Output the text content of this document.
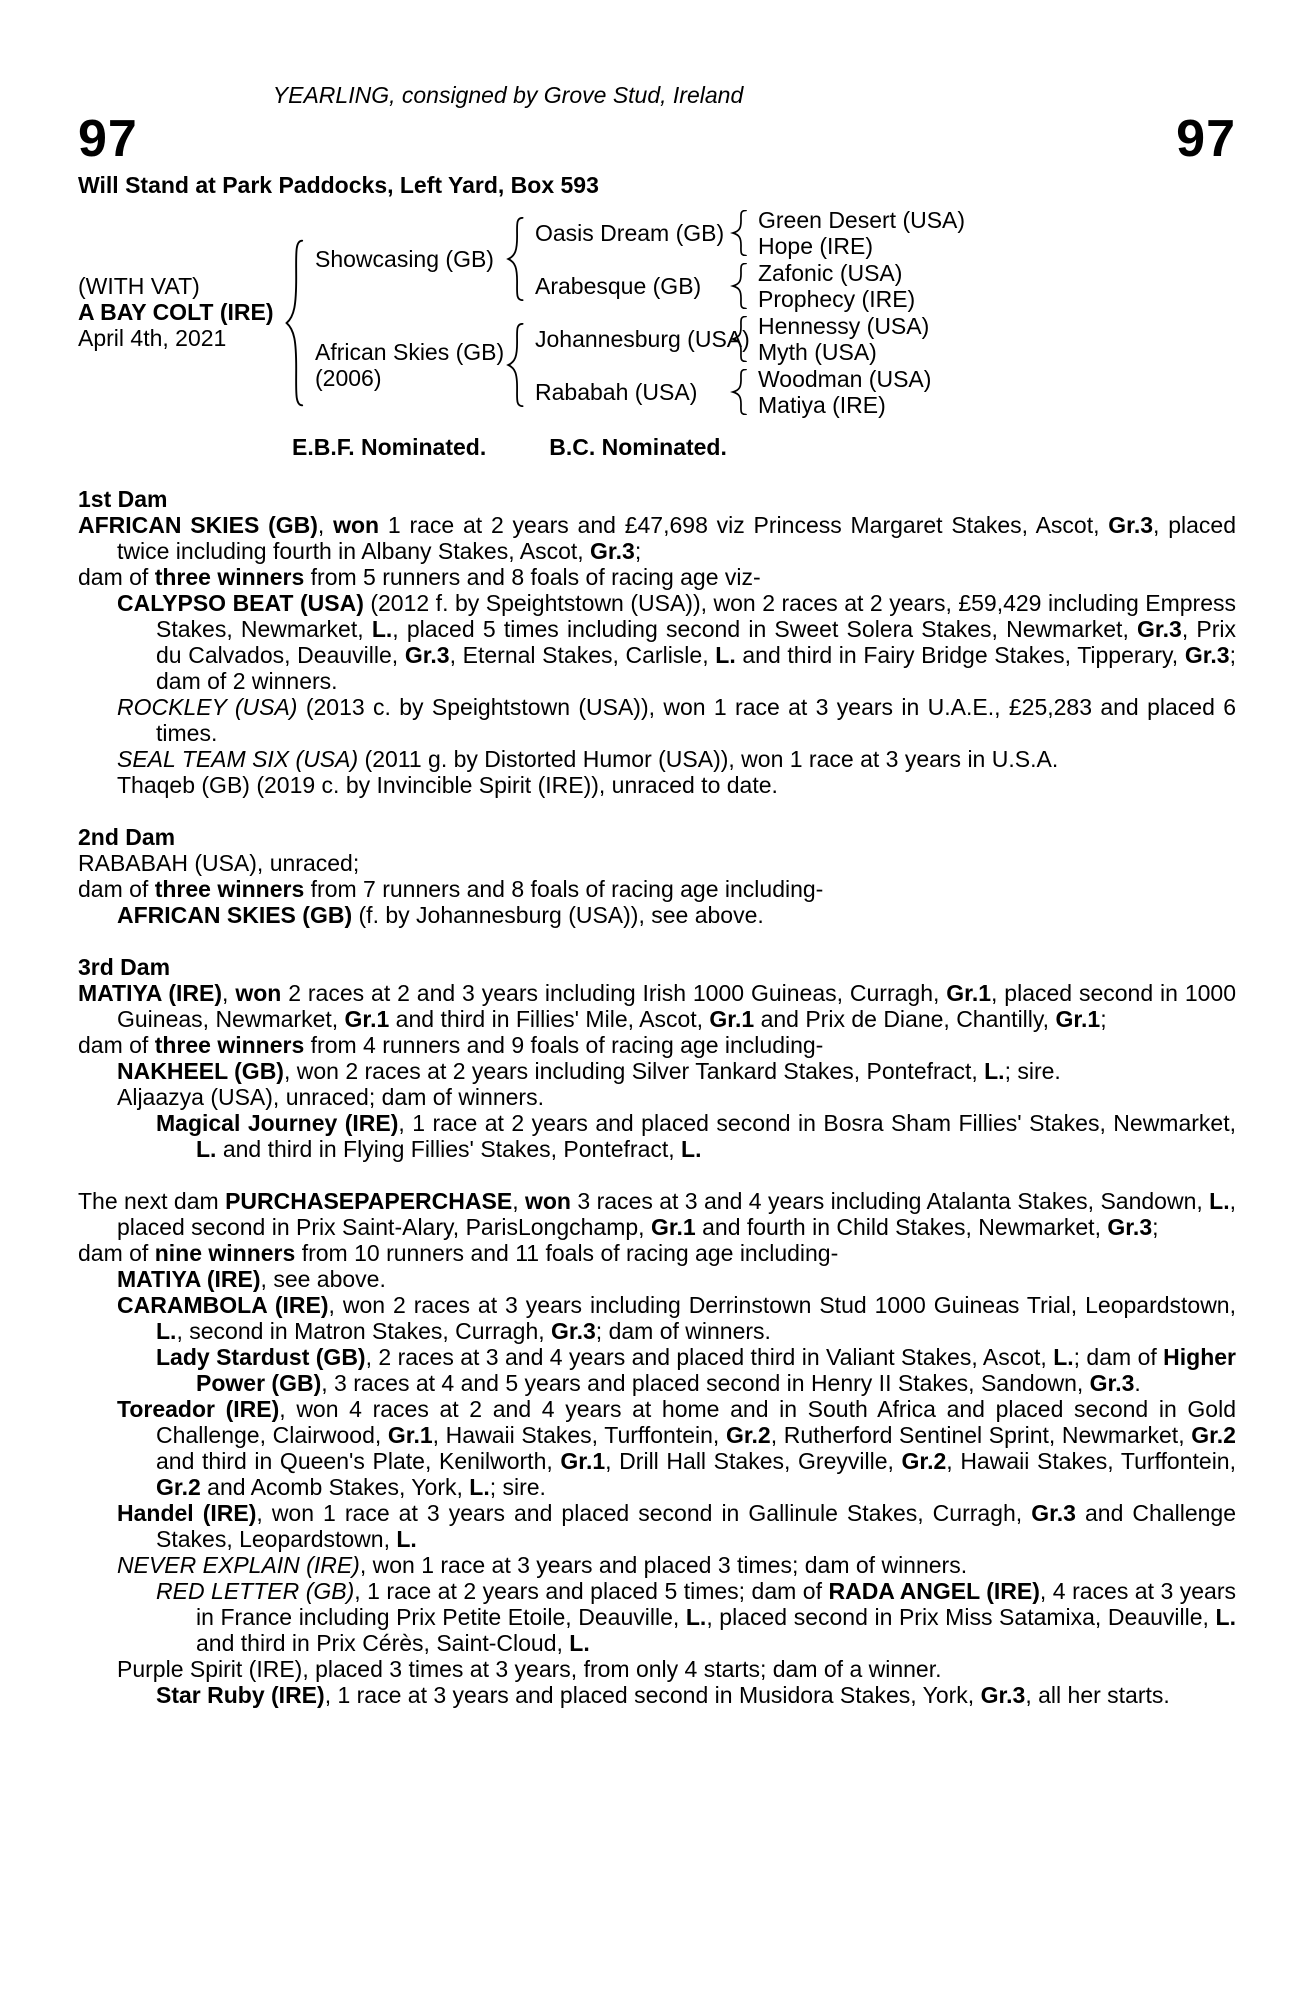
YEARLING, consigned by Grove Stud, Ireland
97	97
Will Stand at Park Paddocks, Left Yard, Box 593
(WITH VAT)
A BAY COLT (IRE)
April 4th, 2021
Showcasing (GB)
Oasis Dream (GB) Green Desert (USA)
Hope (IRE)
Arabesque (GB)	Zafonic (USA)
Prophecy (IRE)
African Skies (GB)
(2006)
Johannesburg (USA) Hennessy (USA)
Myth (USA)
Rababah (USA)	Woodman (USA)
Matiya (IRE)
E.B.F. Nominated.	B.C. Nominated.
1st Dam

AFRICAN SKIES (GB), won 1 race at 2 years and £47,698 viz Princess Margaret Stakes, Ascot, Gr.3, placed twice including fourth in Albany Stakes, Ascot, Gr.3;

dam of three winners from 5 runners and 8 foals of racing age viz-

CALYPSO BEAT (USA) (2012 f. by Speightstown (USA)), won 2 races at 2 years, £59,429 including Empress Stakes, Newmarket, L., placed 5 times including second in Sweet Solera Stakes, Newmarket, Gr.3, Prix du Calvados, Deauville, Gr.3, Eternal Stakes, Carlisle, L. and third in Fairy Bridge Stakes, Tipperary, Gr.3; dam of 2 winners.

ROCKLEY (USA) (2013 c. by Speightstown (USA)), won 1 race at 3 years in U.A.E., £25,283 and placed 6 times.

SEAL TEAM SIX (USA) (2011 g. by Distorted Humor (USA)), won 1 race at 3 years in U.S.A.

Thaqeb (GB) (2019 c. by Invincible Spirit (IRE)), unraced to date.

2nd Dam

RABABAH (USA), unraced;

dam of three winners from 7 runners and 8 foals of racing age including-

AFRICAN SKIES (GB) (f. by Johannesburg (USA)), see above.

3rd Dam

MATIYA (IRE), won 2 races at 2 and 3 years including Irish 1000 Guineas, Curragh, Gr.1, placed second in 1000 Guineas, Newmarket, Gr.1 and third in Fillies' Mile, Ascot, Gr.1 and Prix de Diane, Chantilly, Gr.1;

dam of three winners from 4 runners and 9 foals of racing age including-

NAKHEEL (GB), won 2 races at 2 years including Silver Tankard Stakes, Pontefract, L.; sire.

Aljaazya (USA), unraced; dam of winners.

Magical Journey (IRE), 1 race at 2 years and placed second in Bosra Sham Fillies' Stakes, Newmarket, L. and third in Flying Fillies' Stakes, Pontefract, L.

The next dam PURCHASEPAPERCHASE, won 3 races at 3 and 4 years including Atalanta Stakes, Sandown, L., placed second in Prix Saint-Alary, ParisLongchamp, Gr.1 and fourth in Child Stakes, Newmarket, Gr.3;

dam of nine winners from 10 runners and 11 foals of racing age including-

MATIYA (IRE), see above.

CARAMBOLA (IRE), won 2 races at 3 years including Derrinstown Stud 1000 Guineas Trial, Leopardstown, L., second in Matron Stakes, Curragh, Gr.3; dam of winners.

Lady Stardust (GB), 2 races at 3 and 4 years and placed third in Valiant Stakes, Ascot, L.; dam of Higher Power (GB), 3 races at 4 and 5 years and placed second in Henry II Stakes, Sandown, Gr.3.

Toreador (IRE), won 4 races at 2 and 4 years at home and in South Africa and placed second in Gold Challenge, Clairwood, Gr.1, Hawaii Stakes, Turffontein, Gr.2, Rutherford Sentinel Sprint, Newmarket, Gr.2 and third in Queen's Plate, Kenilworth, Gr.1, Drill Hall Stakes, Greyville, Gr.2, Hawaii Stakes, Turffontein, Gr.2 and Acomb Stakes, York, L.; sire.

Handel (IRE), won 1 race at 3 years and placed second in Gallinule Stakes, Curragh, Gr.3 and Challenge Stakes, Leopardstown, L.

NEVER EXPLAIN (IRE), won 1 race at 3 years and placed 3 times; dam of winners.

RED LETTER (GB), 1 race at 2 years and placed 5 times; dam of RADA ANGEL (IRE), 4 races at 3 years in France including Prix Petite Etoile, Deauville, L., placed second in Prix Miss Satamixa, Deauville, L. and third in Prix Cérès, Saint-Cloud, L.

Purple Spirit (IRE), placed 3 times at 3 years, from only 4 starts; dam of a winner.

Star Ruby (IRE), 1 race at 3 years and placed second in Musidora Stakes, York, Gr.3, all her starts.
